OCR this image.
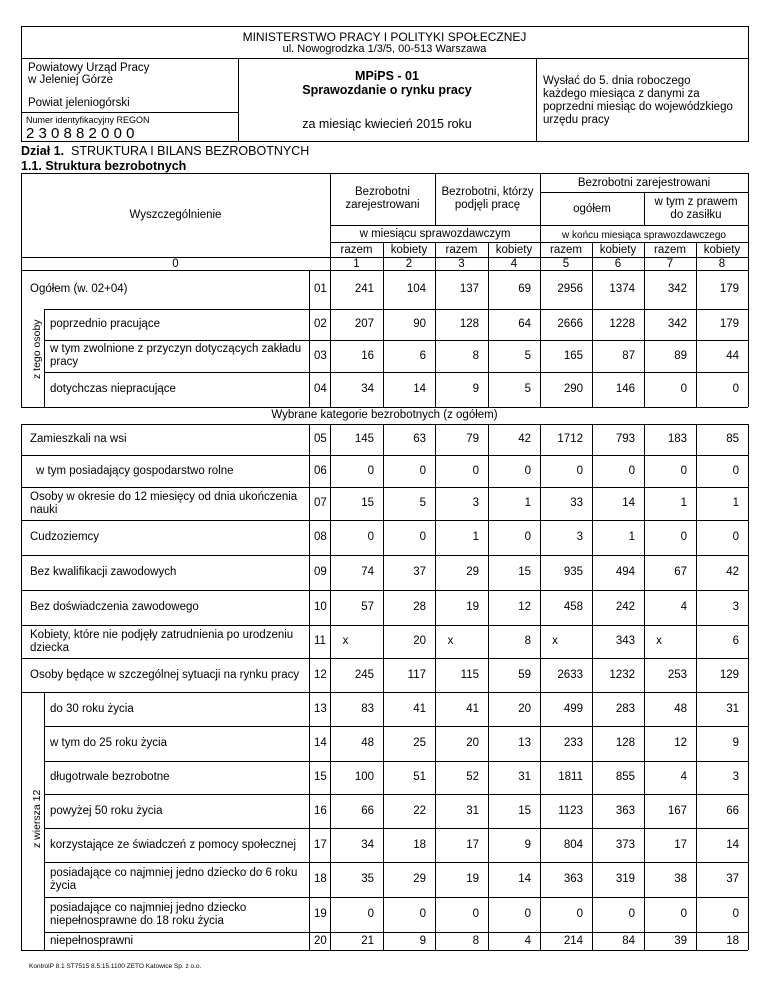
MINISTERSTWO PRACY I POLITYKI SPOŁECZNEJ
ul. Nowogrodzka 1/3/5, 00-513 Warszawa
Powiatowy Urząd Pracy
w Jeleniej Górze
Powiat jeleniogórski
Numer identyfikacyjny REGON
2 3 0 8 8 2 0 0 0
MPiPS - 01
Sprawozdanie o rynku pracy
za miesiąc kwiecień 2015 roku
Wysłać do 5. dnia roboczego
każdego miesiąca z danymi za
poprzedni miesiąc do wojewódzkiego
urzędu pracy
Dział 1. STRUKTURA I BILANS BEZROBOTNYCH
1.1. Struktura bezrobotnych
Wyszczególnienie
Bezrobotni
zarejestrowani
Bezrobotni, którzy
podjęli pracę
Bezrobotni zarejestrowani
ogółem
w tym z prawem
do zasiłku
w miesiącu sprawozdawczym	w końcu miesiąca sprawozdawczego
razem	kobiety	razem	kobiety	razem	kobiety	razem	kobiety
0	1	2	3	4	5	6	7	8
Ogółem (w. 02+04)	01	241	104	137	69	2956	1374	342	179
poprzednio pracujące	02	207	90	128	64	2666	1228	342	179
w tym zwolnione z przyczyn dotyczących zakładu
pracy
03	16	6	8	5	165	87	89	44
dotychczas niepracujące	04	34	14	9	5	290	146	0	0
Zamieszkali na wsi	05	145	63	79	42	1712	793	183	85
w tym posiadający gospodarstwo rolne	06	0	0	0	0	0	0	0	0
Osoby w okresie do 12 miesięcy od dnia ukończenia
nauki
07	15	5	3	1	33	14	1	1
Cudzoziemcy	08	0	0	1	0	3	1	0	0
Bez kwalifikacji zawodowych	09	74	37	29	15	935	494	67	42
Bez doświadczenia zawodowego	10	57	28	19	12	458	242	4	3
Kobiety, które nie podjęły zatrudnienia po urodzeniu
dziecka
11	x	20	x	8	x	343	x	6
Osoby będące w szczególnej sytuacji na rynku pracy 12	245	117	115	59	2633	1232	253	129
do 30 roku życia	13	83	41	41	20	499	283	48	31
w tym do 25 roku życia	14	48	25	20	13	233	128	12	9
długotrwale bezrobotne	15	100	51	52	31	1811	855	4	3
powyżej 50 roku życia	16	66	22	31	15	1123	363	167	66
korzystające ze świadczeń z pomocy społecznej 17	34	18	17	9	804	373	17	14
posiadające co najmniej jedno dziecko do 6 roku
życia
18	35	29	19	14	363	319	38	37
posiadające co najmniej jedno dziecko
niepełnosprawne do 18 roku życia
19	0	0	0	0	0	0	0	0
niepełnosprawni	20	21	9	8	4	214	84	39	18
z tego osoby
z wiersza 12
Wybrane kategorie bezrobotnych (z ogółem)
KontrolP 8.1 ST7515 8.5.15.1100 ZETO Katowice Sp. z o.o.
